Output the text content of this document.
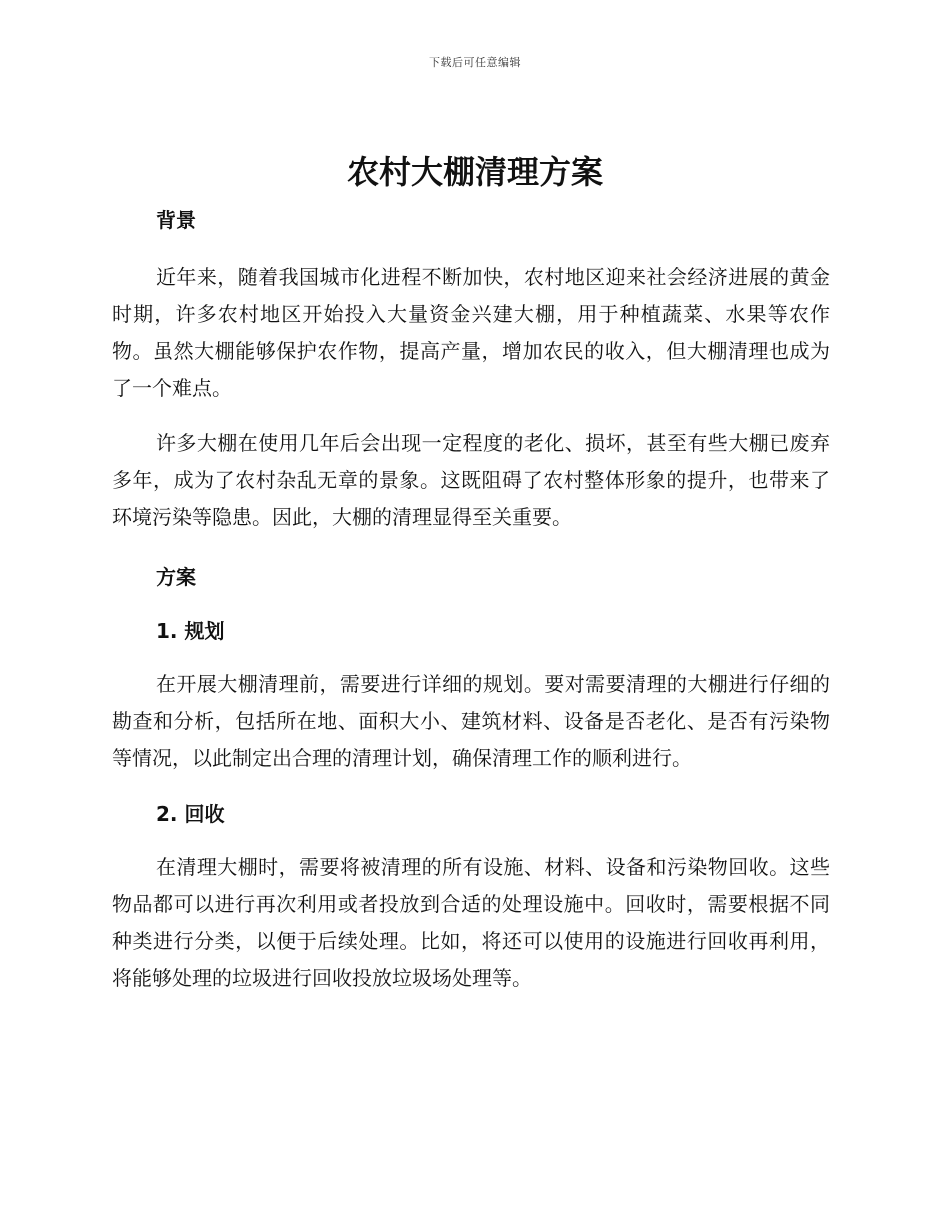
下载后可任意编辑
农村大棚清理方案
背景

近年来，随着我国城市化进程不断加快，农村地区迎来社会经济进展的黄金时期，许多农村地区开始投入大量资金兴建大棚，用于种植蔬菜、水果等农作物。虽然大棚能够保护农作物，提高产量，增加农民的收入，但大棚清理也成为了一个难点。

许多大棚在使用几年后会出现一定程度的老化、损坏，甚至有些大棚已废弃多年，成为了农村杂乱无章的景象。这既阻碍了农村整体形象的提升，也带来了环境污染等隐患。因此，大棚的清理显得至关重要。

方案
1. 规划

在开展大棚清理前，需要进行详细的规划。要对需要清理的大棚进行仔细的勘查和分析，包括所在地、面积大小、建筑材料、设备是否老化、是否有污染物等情况，以此制定出合理的清理计划，确保清理工作的顺利进行。

2. 回收

在清理大棚时，需要将被清理的所有设施、材料、设备和污染物回收。这些物品都可以进行再次利用或者投放到合适的处理设施中。回收时，需要根据不同种类进行分类，以便于后续处理。比如，将还可以使用的设施进行回收再利用，将能够处理的垃圾进行回收投放垃圾场处理等。
